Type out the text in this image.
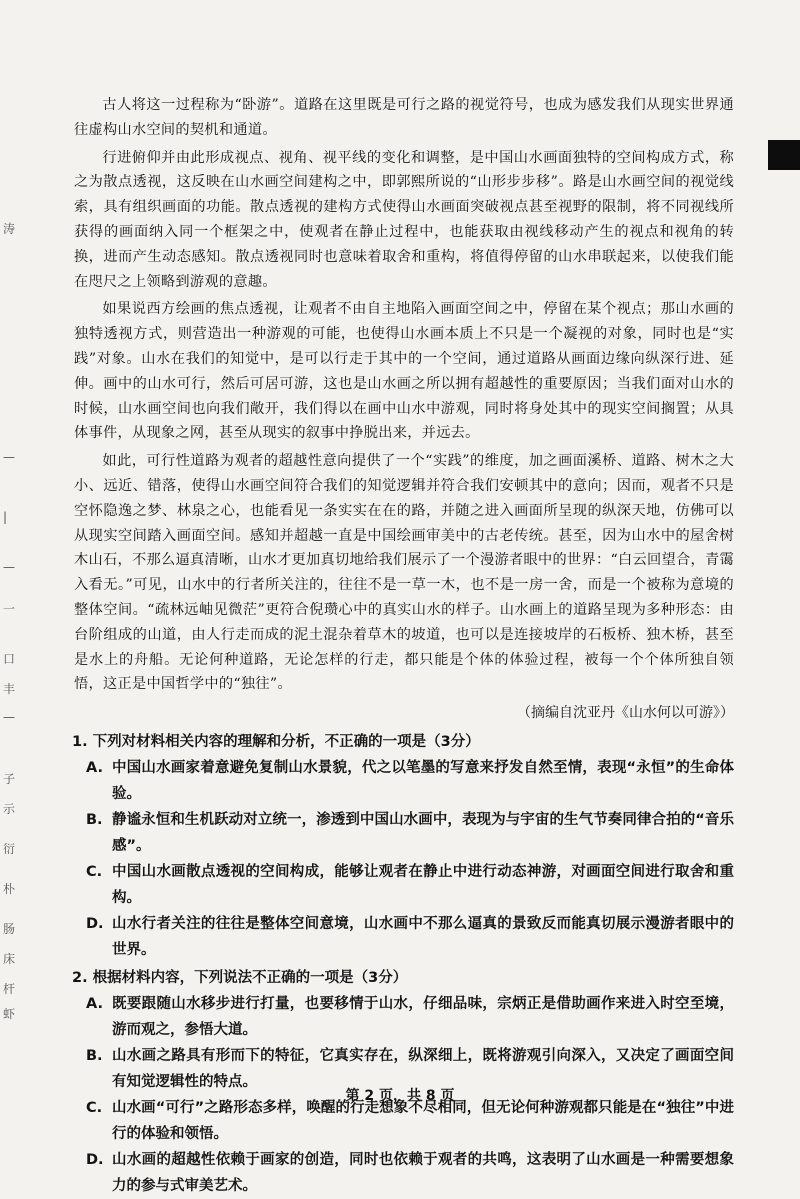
涛
—
|
—
一
口
丰
—
子
示
衍
朴
肠
床
杆
虾

古人将这一过程称为“卧游”。道路在这里既是可行之路的视觉符号，也成为感发我们从现实世界通往虚构山水空间的契机和通道。

行进俯仰并由此形成视点、视角、视平线的变化和调整，是中国山水画面独特的空间构成方式，称之为散点透视，这反映在山水画空间建构之中，即郭熙所说的“山形步步移”。路是山水画空间的视觉线索，具有组织画面的功能。散点透视的建构方式使得山水画面突破视点甚至视野的限制，将不同视线所获得的画面纳入同一个框架之中，使观者在静止过程中，也能获取由视线移动产生的视点和视角的转换，进而产生动态感知。散点透视同时也意味着取舍和重构，将值得停留的山水串联起来，以使我们能在咫尺之上领略到游观的意趣。

如果说西方绘画的焦点透视，让观者不由自主地陷入画面空间之中，停留在某个视点；那山水画的独特透视方式，则营造出一种游观的可能，也使得山水画本质上不只是一个凝视的对象，同时也是“实践”对象。山水在我们的知觉中，是可以行走于其中的一个空间，通过道路从画面边缘向纵深行进、延伸。画中的山水可行，然后可居可游，这也是山水画之所以拥有超越性的重要原因；当我们面对山水的时候，山水画空间也向我们敞开，我们得以在画中山水中游观，同时将身处其中的现实空间搁置；从具体事件，从现象之网，甚至从现实的叙事中挣脱出来，并远去。

如此，可行性道路为观者的超越性意向提供了一个“实践”的维度，加之画面溪桥、道路、树木之大小、远近、错落，使得山水画空间符合我们的知觉逻辑并符合我们安顿其中的意向；因而，观者不只是空怀隐逸之梦、林泉之心，也能看见一条实实在在的路，并随之进入画面所呈现的纵深天地，仿佛可以从现实空间踏入画面空间。感知并超越一直是中国绘画审美中的古老传统。甚至，因为山水中的屋舍树木山石，不那么逼真清晰，山水才更加真切地给我们展示了一个漫游者眼中的世界：“白云回望合，青霭入看无。”可见，山水中的行者所关注的，往往不是一草一木，也不是一房一舍，而是一个被称为意境的整体空间。“疏林远岫见微茫”更符合倪瓒心中的真实山水的样子。山水画上的道路呈现为多种形态：由台阶组成的山道，由人行走而成的泥土混杂着草木的坡道，也可以是连接坡岸的石板桥、独木桥，甚至是水上的舟船。无论何种道路，无论怎样的行走，都只能是个体的体验过程，被每一个个体所独自领悟，这正是中国哲学中的“独往”。

（摘编自沈亚丹《山水何以可游》）
1. 下列对材料相关内容的理解和分析，不正确的一项是（3分）
A. 中国山水画家着意避免复制山水景貌，代之以笔墨的写意来抒发自然至情，表现“永恒”的生命体验。
B. 静谧永恒和生机跃动对立统一，渗透到中国山水画中，表现为与宇宙的生气节奏同律合拍的“音乐感”。
C. 中国山水画散点透视的空间构成，能够让观者在静止中进行动态神游，对画面空间进行取舍和重构。
D. 山水行者关注的往往是整体空间意境，山水画中不那么逼真的景致反而能真切展示漫游者眼中的世界。
2. 根据材料内容，下列说法不正确的一项是（3分）
A. 既要跟随山水移步进行打量，也要移情于山水，仔细品味，宗炳正是借助画作来进入时空至境，游而观之，参悟大道。
B. 山水画之路具有形而下的特征，它真实存在，纵深细上，既将游观引向深入，又决定了画面空间有知觉逻辑性的特点。
C. 山水画“可行”之路形态多样，唤醒的行走想象不尽相同，但无论何种游观都只能是在“独往”中进行的体验和领悟。
D. 山水画的超越性依赖于画家的创造，同时也依赖于观者的共鸣，这表明了山水画是一种需要想象力的参与式审美艺术。
第 2 页，共 8 页
